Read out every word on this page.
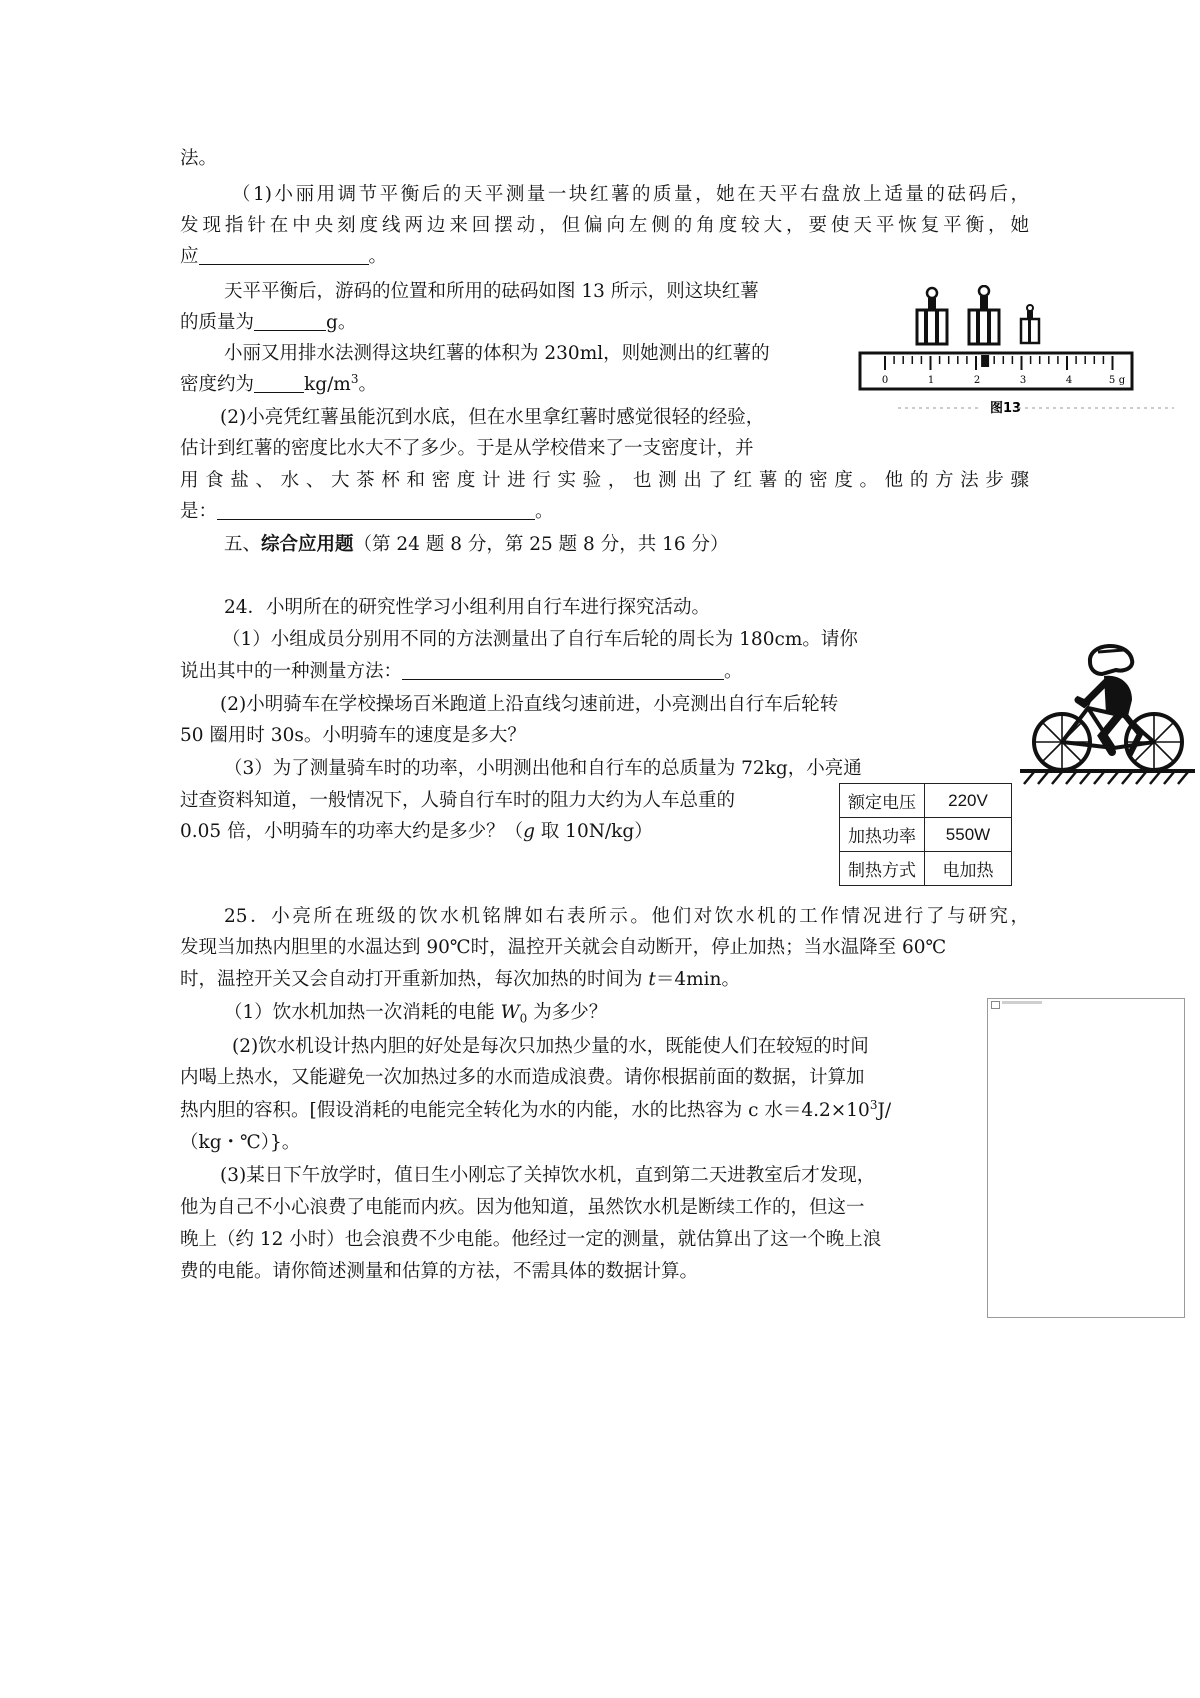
法。
（1)小丽用调节平衡后的天平测量一块红薯的质量，她在天平右盘放上适量的砝码后，
发现指针在中央刻度线两边来回摆动，但偏向左侧的角度较大，要使天平恢复平衡，她
应	。
天平平衡后，游码的位置和所用的砝码如图 13 所示，则这块红薯
的质量为	g。
小丽又用排水法测得这块红薯的体积为 230ml，则她测出的红薯的
密度约为	$kg/m^3$。
(2)小亮凭红薯虽能沉到水底，但在水里拿红薯时感觉很轻的经验，
估计到红薯的密度比水大不了多少。于是从学校借来了一支密度计，并
用食盐、水、大茶杯和密度计进行实验，也测出了红薯的密度。他的方法步骤
是：	。
五、综合应用题（第 24 题 8 分，第 25 题 8 分，共 16 分）
24．小明所在的研究性学习小组利用自行车进行探究活动。
（1）小组成员分别用不同的方法测量出了自行车后轮的周长为 180cm。请你
说出其中的一种测量方法：	。
(2)小明骑车在学校操场百米跑道上沿直线匀速前进，小亮测出自行车后轮转
50 圈用时 30s。小明骑车的速度是多大？
（3）为了测量骑车时的功率，小明测出他和自行车的总质量为 72kg，小亮通
过查资料知道，一般情况下，人骑自行车时的阻力大约为人车总重的
0.05 倍，小明骑车的功率大约是多少？（g 取 10N/kg）
25．小亮所在班级的饮水机铭牌如右表所示。他们对饮水机的工作情况进行了与研究，
发现当加热内胆里的水温达到 90℃时，温控开关就会自动断开，停止加热；当水温降至 60℃
时，温控开关又会自动打开重新加热，每次加热的时间为 t＝4min。
（1）饮水机加热一次消耗的电能 $W_0$ 为多少？
(2)饮水机设计热内胆的好处是每次只加热少量的水，既能使人们在较短的时间
内喝上热水，又能避免一次加热过多的水而造成浪费。请你根据前面的数据，计算加
热内胆的容积。[假设消耗的电能完全转化为水的内能，水的比热容为 c 水$=4.2\times 10^3J/$
（kg・℃）}。
(3)某日下午放学时，值日生小刚忘了关掉饮水机，直到第二天进教室后才发现，
他为自己不小心浪费了电能而内疚。因为他知道，虽然饮水机是断续工作的，但这一
晚上（约 12 小时）也会浪费不少电能。他经过一定的测量，就估算出了这一个晚上浪
费的电能。请你简述测量和估算的方祛，不需具体的数据计算。
0	1	2	3	4	5 g
图13
额定电压	220V
加热功率	550W
制热方式	电加热
